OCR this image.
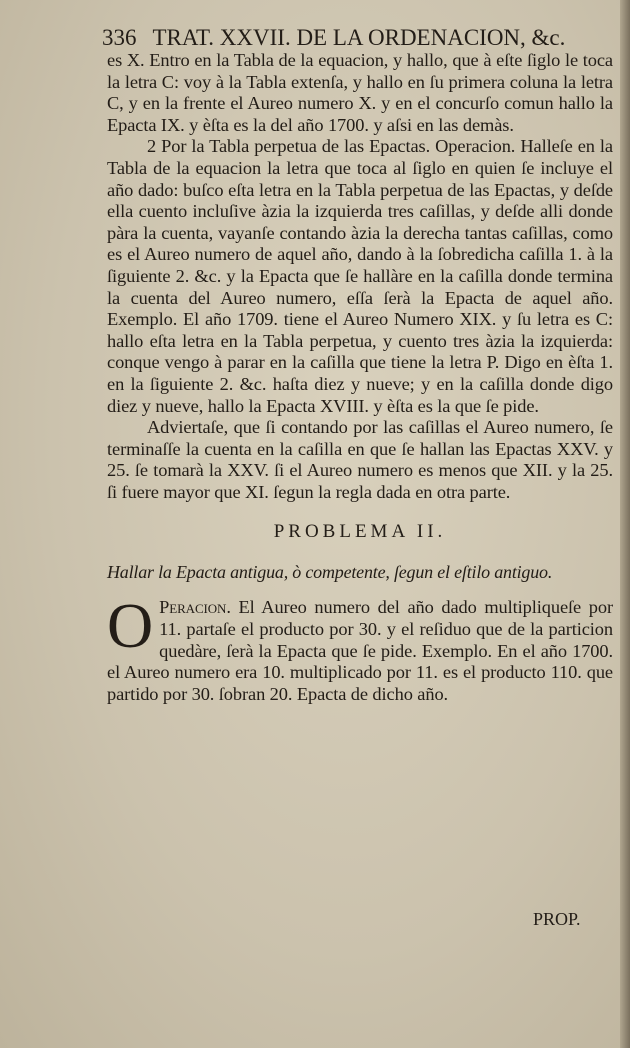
336 TRAT. XXVII. DE LA ORDENACION, &c.

es X. Entro en la Tabla de la equacion, y hallo, que à eſte ſiglo le toca la letra C: voy à la Tabla extenſa, y hallo en ſu primera coluna la letra C, y en la frente el Aureo numero X. y en el concurſo comun hallo la Epacta IX. y èſta es la del año 1700. y aſsi en las demàs.

2 Por la Tabla perpetua de las Epactas. Operacion. Halleſe en la Tabla de la equacion la letra que toca al ſiglo en quien ſe incluye el año dado: buſco eſta letra en la Tabla perpetua de las Epactas, y deſde ella cuento incluſive àzia la izquierda tres caſillas, y deſde alli donde pàra la cuenta, vayanſe contando àzia la derecha tantas caſillas, como es el Aureo numero de aquel año, dando à la ſobredicha caſilla 1. à la ſiguiente 2. &c. y la Epacta que ſe hallàre en la caſilla donde termina la cuenta del Aureo numero, eſſa ſerà la Epacta de aquel año. Exemplo. El año 1709. tiene el Aureo Numero XIX. y ſu letra es C: hallo eſta letra en la Tabla perpetua, y cuento tres àzia la izquierda: conque vengo à parar en la caſilla que tiene la letra P. Digo en èſta 1. en la ſiguiente 2. &c. haſta diez y nueve; y en la caſilla donde digo diez y nueve, hallo la Epacta XVIII. y èſta es la que ſe pide.

Adviertaſe, que ſi contando por las caſillas el Aureo numero, ſe terminaſſe la cuenta en la caſilla en que ſe hallan las Epactas XXV. y 25. ſe tomarà la XXV. ſi el Aureo numero es menos que XII. y la 25. ſi fuere mayor que XI. ſegun la regla dada en otra parte.

PROBLEMA II.

Hallar la Epacta antigua, ò competente, ſegun el eſtilo antiguo.

O Peracion. El Aureo numero del año dado multipliqueſe por 11. partaſe el producto por 30. y el reſiduo que de la particion quedàre, ſerà la Epacta que ſe pide. Exemplo. En el año 1700. el Aureo numero era 10. multiplicado por 11. es el producto 110. que partido por 30. ſobran 20. Epacta de dicho año.

PROP.
